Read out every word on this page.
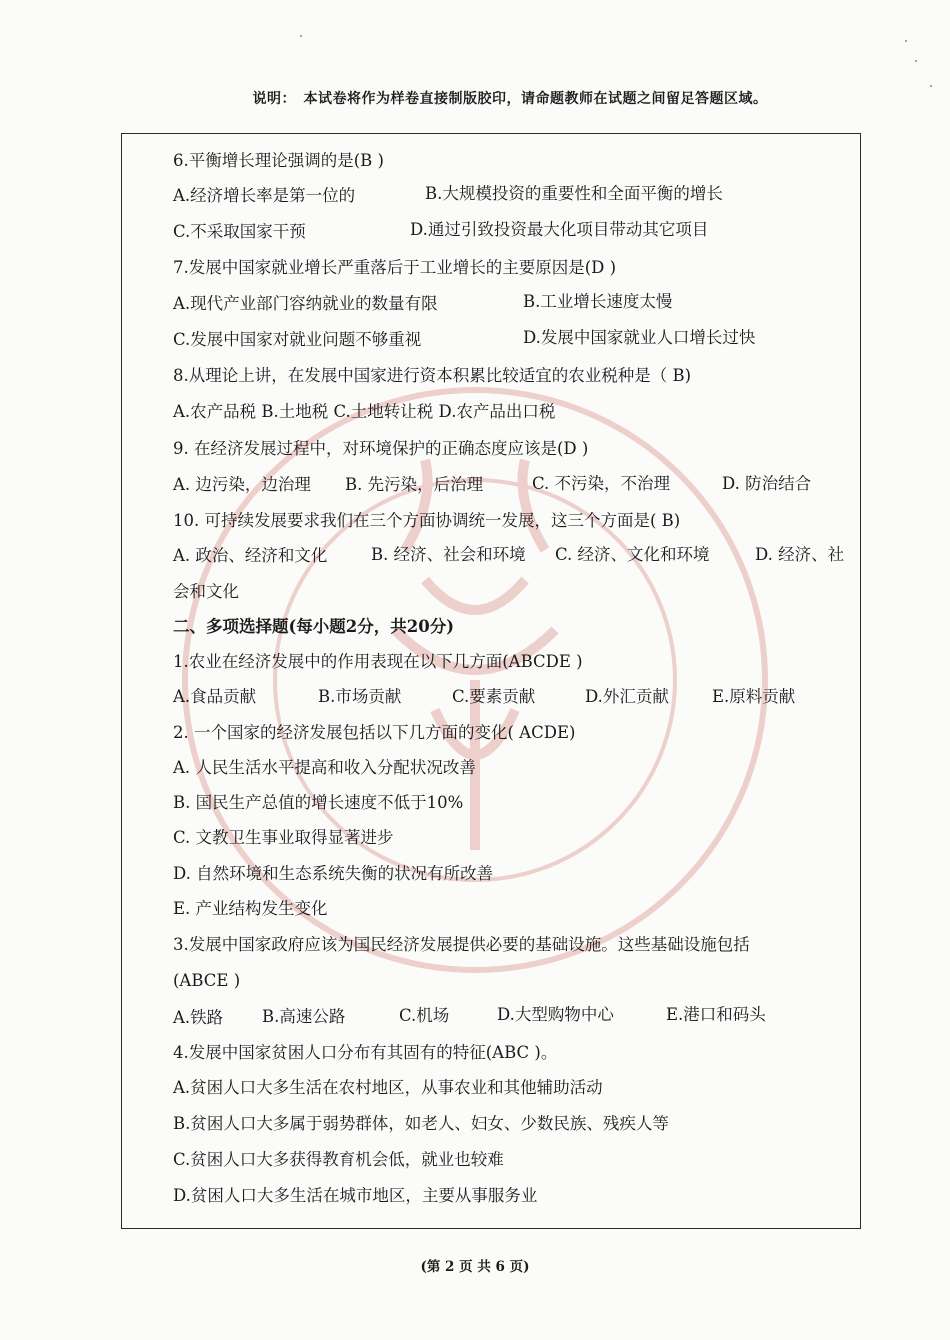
说明：　本试卷将作为样卷直接制版胶印，请命题教师在试题之间留足答题区域。
6.平衡增长理论强调的是(B )
A.经济增长率是第一位的	B.大规模投资的重要性和全面平衡的增长
C.不采取国家干预	D.通过引致投资最大化项目带动其它项目
7.发展中国家就业增长严重落后于工业增长的主要原因是(D )
A.现代产业部门容纳就业的数量有限	B.工业增长速度太慢
C.发展中国家对就业问题不够重视	D.发展中国家就业人口增长过快
8.从理论上讲，在发展中国家进行资本积累比较适宜的农业税种是（ B)
A.农产品税 B.土地税 C.土地转让税 D.农产品出口税
9. 在经济发展过程中，对环境保护的正确态度应该是(D )
A. 边污染，边治理 B. 先污染，后治理	C. 不污染，不治理	D. 防治结合
10. 可持续发展要求我们在三个方面协调统一发展，这三个方面是( B)
A. 政治、经济和文化	B. 经济、社会和环境 C. 经济、文化和环境	D. 经济、社
会和文化
二、多项选择题(每小题2分，共20分)
1.农业在经济发展中的作用表现在以下几方面(ABCDE )
A.食品贡献	B.市场贡献	C.要素贡献	D.外汇贡献	E.原料贡献
2. 一个国家的经济发展包括以下几方面的变化( ACDE)
A. 人民生活水平提高和收入分配状况改善
B. 国民生产总值的增长速度不低于10%
C. 文教卫生事业取得显著进步
D. 自然环境和生态系统失衡的状况有所改善
E. 产业结构发生变化
3.发展中国家政府应该为国民经济发展提供必要的基础设施。这些基础设施包括
(ABCE )
A.铁路 B.高速公路	C.机场	D.大型购物中心	E.港口和码头
4.发展中国家贫困人口分布有其固有的特征(ABC )。
A.贫困人口大多生活在农村地区，从事农业和其他辅助活动
B.贫困人口大多属于弱势群体，如老人、妇女、少数民族、残疾人等
C.贫困人口大多获得教育机会低，就业也较难
D.贫困人口大多生活在城市地区，主要从事服务业
(第 2 页 共 6 页)
